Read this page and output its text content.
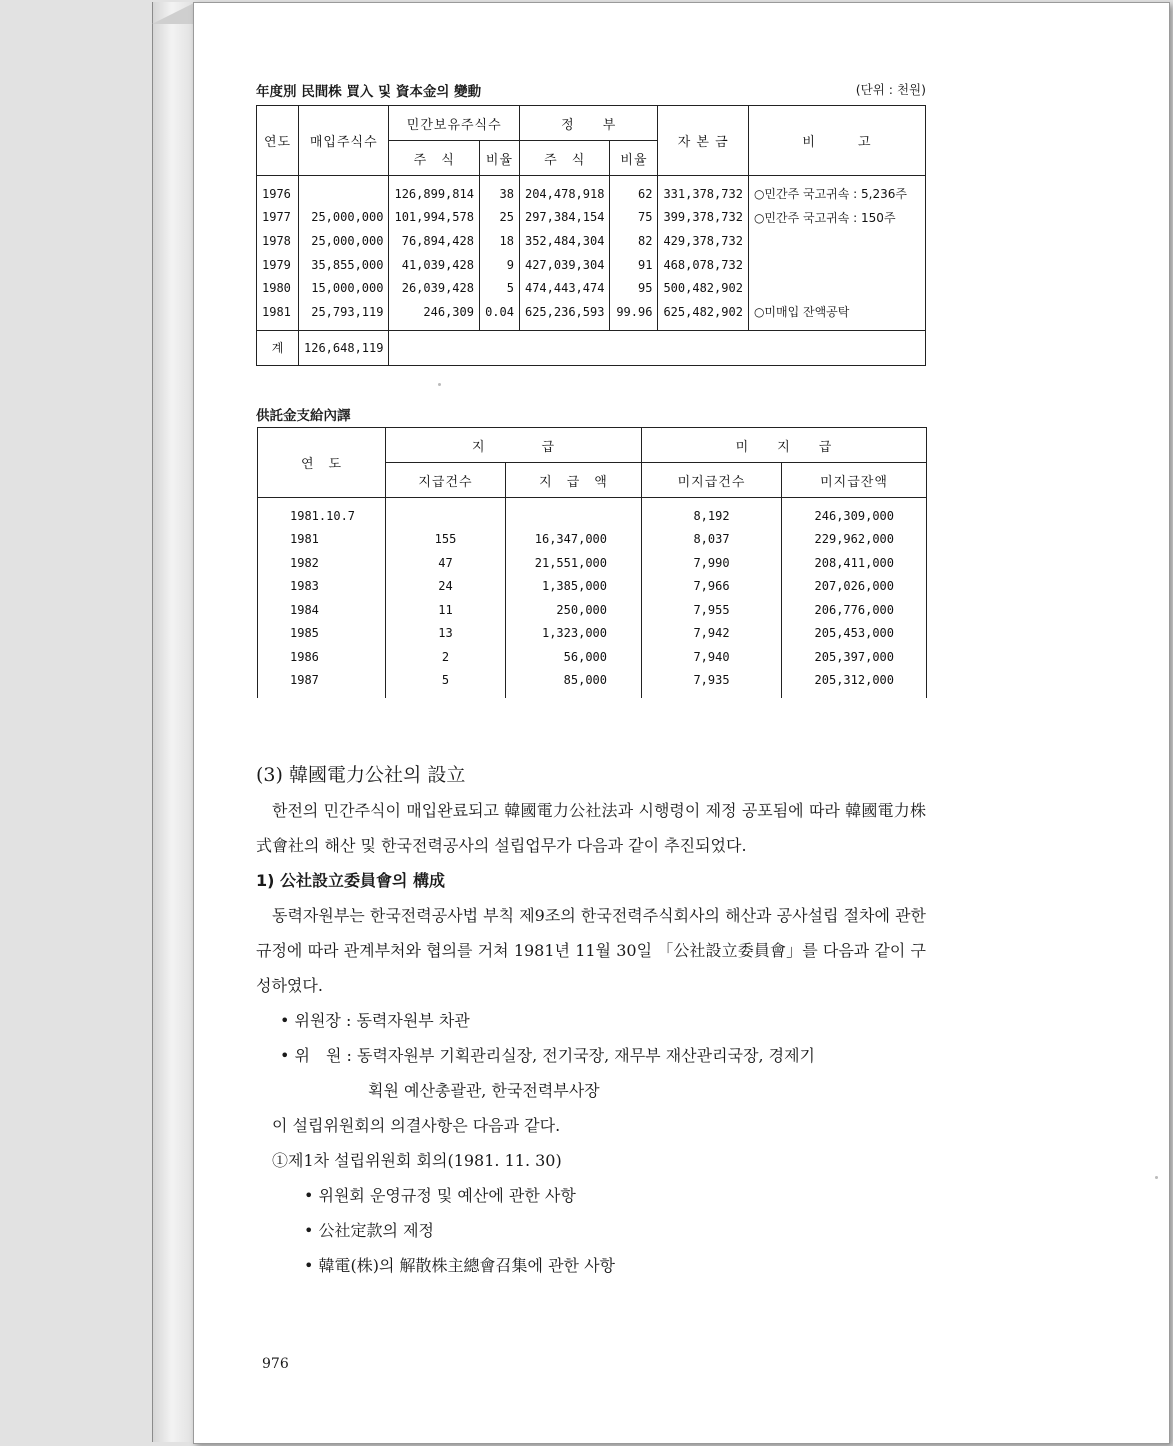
年度別 民間株 買入 및 資本金의 變動	(단위 : 천원)
연도	매입주식수	민간보유주식수		정　　부		자 본 금	비　　　고
		주　식	비율	주　식	비율		
1976		126,899,814	38	204,478,918	62	331,378,732	○민간주 국고귀속 : 5,236주
1977	25,000,000	101,994,578	25	297,384,154	75	399,378,732	○민간주 국고귀속 : 150주
1978	25,000,000	76,894,428	18	352,484,304	82	429,378,732	
1979	35,855,000	41,039,428	9	427,039,304	91	468,078,732	
1980	15,000,000	26,039,428	5	474,443,474	95	500,482,902	
1981	25,793,119	246,309	0.04	625,236,593	99.96	625,482,902	○미매입 잔액공탁
계	126,648,119						
供託金支給內譯
연　도	지　　　　급		미　　지　　급	
	지급건수	지　급　액	미지급건수	미지급잔액
1981.10.7			8,192	246,309,000
1981	155	16,347,000	8,037	229,962,000
1982	47	21,551,000	7,990	208,411,000
1983	24	1,385,000	7,966	207,026,000
1984	11	250,000	7,955	206,776,000
1985	13	1,323,000	7,942	205,453,000
1986	2	56,000	7,940	205,397,000
1987	5	85,000	7,935	205,312,000

(3) 韓國電力公社의 設立

한전의 민간주식이 매입완료되고 韓國電力公社法과 시행령이 제정 공포됨에 따라 韓國電力株式會社의 해산 및 한국전력공사의 설립업무가 다음과 같이 추진되었다.

1) 公社設立委員會의 構成

동력자원부는 한국전력공사법 부칙 제9조의 한국전력주식회사의 해산과 공사설립 절차에 관한 규정에 따라 관계부처와 협의를 거쳐 1981년 11월 30일 「公社設立委員會」를 다음과 같이 구성하였다.

• 위원장 : 동력자원부 차관

• 위　원 : 동력자원부 기획관리실장, 전기국장, 재무부 재산관리국장, 경제기

획원 예산총괄관, 한국전력부사장

이 설립위원회의 의결사항은 다음과 같다.

①제1차 설립위원회 회의(1981. 11. 30)

• 위원회 운영규정 및 예산에 관한 사항

• 公社定款의 제정

• 韓電(株)의 解散株主總會召集에 관한 사항

976
